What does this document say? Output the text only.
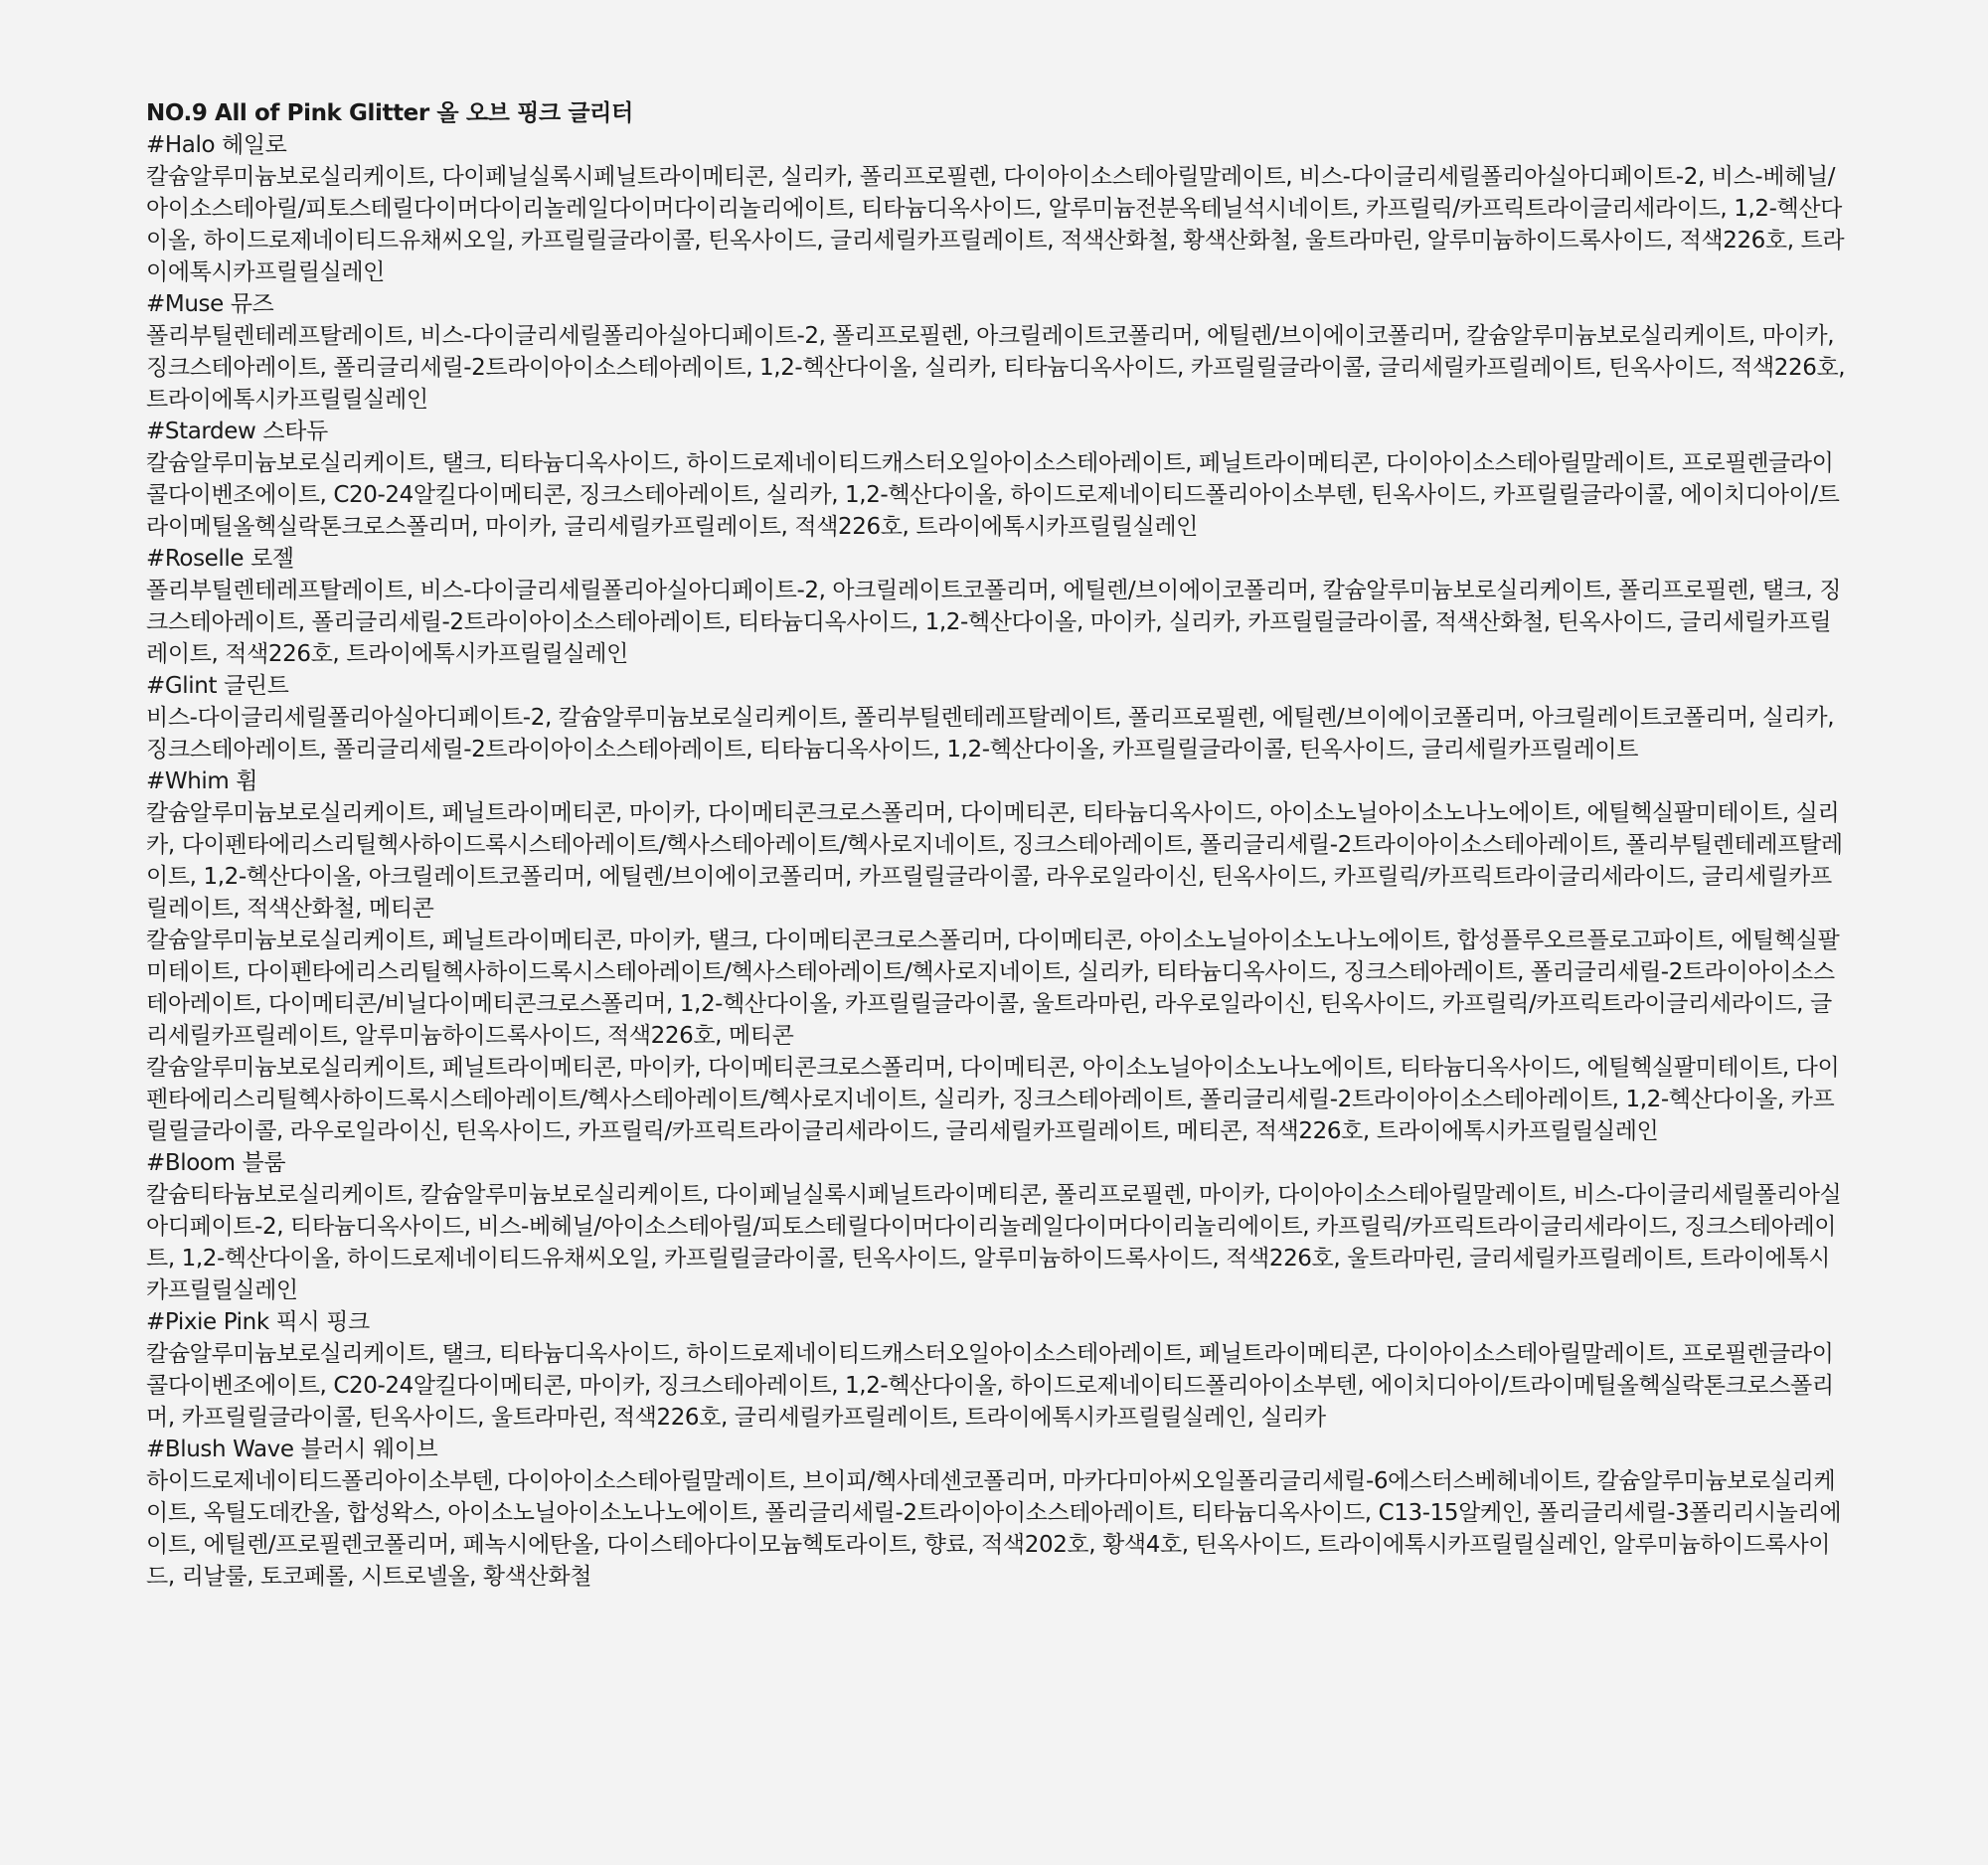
NO.9 All of Pink Glitter 올 오브 핑크 글리터

#Halo 헤일로

칼슘알루미늄보로실리케이트, 다이페닐실록시페닐트라이메티콘, 실리카, 폴리프로필렌, 다이아이소스테아릴말레이트, 비스-다이글리세릴폴리아실아디페이트-2, 비스-베헤닐/아이소스테아릴/피토스테릴다이머다이리놀레일다이머다이리놀리에이트, 티타늄디옥사이드, 알루미늄전분옥테닐석시네이트, 카프릴릭/카프릭트라이글리세라이드, 1,2-헥산다이올, 하이드로제네이티드유채씨오일, 카프릴릴글라이콜, 틴옥사이드, 글리세릴카프릴레이트, 적색산화철, 황색산화철, 울트라마린, 알루미늄하이드록사이드, 적색226호, 트라이에톡시카프릴릴실레인

#Muse 뮤즈

폴리부틸렌테레프탈레이트, 비스-다이글리세릴폴리아실아디페이트-2, 폴리프로필렌, 아크릴레이트코폴리머, 에틸렌/브이에이코폴리머, 칼슘알루미늄보로실리케이트, 마이카, 징크스테아레이트, 폴리글리세릴-2트라이아이소스테아레이트, 1,2-헥산다이올, 실리카, 티타늄디옥사이드, 카프릴릴글라이콜, 글리세릴카프릴레이트, 틴옥사이드, 적색226호, 트라이에톡시카프릴릴실레인

#Stardew 스타듀

칼슘알루미늄보로실리케이트, 탤크, 티타늄디옥사이드, 하이드로제네이티드캐스터오일아이소스테아레이트, 페닐트라이메티콘, 다이아이소스테아릴말레이트, 프로필렌글라이콜다이벤조에이트, C20-24알킬다이메티콘, 징크스테아레이트, 실리카, 1,2-헥산다이올, 하이드로제네이티드폴리아이소부텐, 틴옥사이드, 카프릴릴글라이콜, 에이치디아이/트라이메틸올헥실락톤크로스폴리머, 마이카, 글리세릴카프릴레이트, 적색226호, 트라이에톡시카프릴릴실레인

#Roselle 로젤

폴리부틸렌테레프탈레이트, 비스-다이글리세릴폴리아실아디페이트-2, 아크릴레이트코폴리머, 에틸렌/브이에이코폴리머, 칼슘알루미늄보로실리케이트, 폴리프로필렌, 탤크, 징크스테아레이트, 폴리글리세릴-2트라이아이소스테아레이트, 티타늄디옥사이드, 1,2-헥산다이올, 마이카, 실리카, 카프릴릴글라이콜, 적색산화철, 틴옥사이드, 글리세릴카프릴레이트, 적색226호, 트라이에톡시카프릴릴실레인

#Glint 글린트

비스-다이글리세릴폴리아실아디페이트-2, 칼슘알루미늄보로실리케이트, 폴리부틸렌테레프탈레이트, 폴리프로필렌, 에틸렌/브이에이코폴리머, 아크릴레이트코폴리머, 실리카, 징크스테아레이트, 폴리글리세릴-2트라이아이소스테아레이트, 티타늄디옥사이드, 1,2-헥산다이올, 카프릴릴글라이콜, 틴옥사이드, 글리세릴카프릴레이트

#Whim 휨

칼슘알루미늄보로실리케이트, 페닐트라이메티콘, 마이카, 다이메티콘크로스폴리머, 다이메티콘, 티타늄디옥사이드, 아이소노닐아이소노나노에이트, 에틸헥실팔미테이트, 실리카, 다이펜타에리스리틸헥사하이드록시스테아레이트/헥사스테아레이트/헥사로지네이트, 징크스테아레이트, 폴리글리세릴-2트라이아이소스테아레이트, 폴리부틸렌테레프탈레이트, 1,2-헥산다이올, 아크릴레이트코폴리머, 에틸렌/브이에이코폴리머, 카프릴릴글라이콜, 라우로일라이신, 틴옥사이드, 카프릴릭/카프릭트라이글리세라이드, 글리세릴카프릴레이트, 적색산화철, 메티콘

칼슘알루미늄보로실리케이트, 페닐트라이메티콘, 마이카, 탤크, 다이메티콘크로스폴리머, 다이메티콘, 아이소노닐아이소노나노에이트, 합성플루오르플로고파이트, 에틸헥실팔미테이트, 다이펜타에리스리틸헥사하이드록시스테아레이트/헥사스테아레이트/헥사로지네이트, 실리카, 티타늄디옥사이드, 징크스테아레이트, 폴리글리세릴-2트라이아이소스테아레이트, 다이메티콘/비닐다이메티콘크로스폴리머, 1,2-헥산다이올, 카프릴릴글라이콜, 울트라마린, 라우로일라이신, 틴옥사이드, 카프릴릭/카프릭트라이글리세라이드, 글리세릴카프릴레이트, 알루미늄하이드록사이드, 적색226호, 메티콘

칼슘알루미늄보로실리케이트, 페닐트라이메티콘, 마이카, 다이메티콘크로스폴리머, 다이메티콘, 아이소노닐아이소노나노에이트, 티타늄디옥사이드, 에틸헥실팔미테이트, 다이펜타에리스리틸헥사하이드록시스테아레이트/헥사스테아레이트/헥사로지네이트, 실리카, 징크스테아레이트, 폴리글리세릴-2트라이아이소스테아레이트, 1,2-헥산다이올, 카프릴릴글라이콜, 라우로일라이신, 틴옥사이드, 카프릴릭/카프릭트라이글리세라이드, 글리세릴카프릴레이트, 메티콘, 적색226호, 트라이에톡시카프릴릴실레인

#Bloom 블룸

칼슘티타늄보로실리케이트, 칼슘알루미늄보로실리케이트, 다이페닐실록시페닐트라이메티콘, 폴리프로필렌, 마이카, 다이아이소스테아릴말레이트, 비스-다이글리세릴폴리아실아디페이트-2, 티타늄디옥사이드, 비스-베헤닐/아이소스테아릴/피토스테릴다이머다이리놀레일다이머다이리놀리에이트, 카프릴릭/카프릭트라이글리세라이드, 징크스테아레이트, 1,2-헥산다이올, 하이드로제네이티드유채씨오일, 카프릴릴글라이콜, 틴옥사이드, 알루미늄하이드록사이드, 적색226호, 울트라마린, 글리세릴카프릴레이트, 트라이에톡시카프릴릴실레인

#Pixie Pink 픽시 핑크

칼슘알루미늄보로실리케이트, 탤크, 티타늄디옥사이드, 하이드로제네이티드캐스터오일아이소스테아레이트, 페닐트라이메티콘, 다이아이소스테아릴말레이트, 프로필렌글라이콜다이벤조에이트, C20-24알킬다이메티콘, 마이카, 징크스테아레이트, 1,2-헥산다이올, 하이드로제네이티드폴리아이소부텐, 에이치디아이/트라이메틸올헥실락톤크로스폴리머, 카프릴릴글라이콜, 틴옥사이드, 울트라마린, 적색226호, 글리세릴카프릴레이트, 트라이에톡시카프릴릴실레인, 실리카

#Blush Wave 블러시 웨이브

하이드로제네이티드폴리아이소부텐, 다이아이소스테아릴말레이트, 브이피/헥사데센코폴리머, 마카다미아씨오일폴리글리세릴-6에스터스베헤네이트, 칼슘알루미늄보로실리케이트, 옥틸도데칸올, 합성왁스, 아이소노닐아이소노나노에이트, 폴리글리세릴-2트라이아이소스테아레이트, 티타늄디옥사이드, C13-15알케인, 폴리글리세릴-3폴리리시놀리에이트, 에틸렌/프로필렌코폴리머, 페녹시에탄올, 다이스테아다이모늄헥토라이트, 향료, 적색202호, 황색4호, 틴옥사이드, 트라이에톡시카프릴릴실레인, 알루미늄하이드록사이드, 리날룰, 토코페롤, 시트로넬올, 황색산화철
